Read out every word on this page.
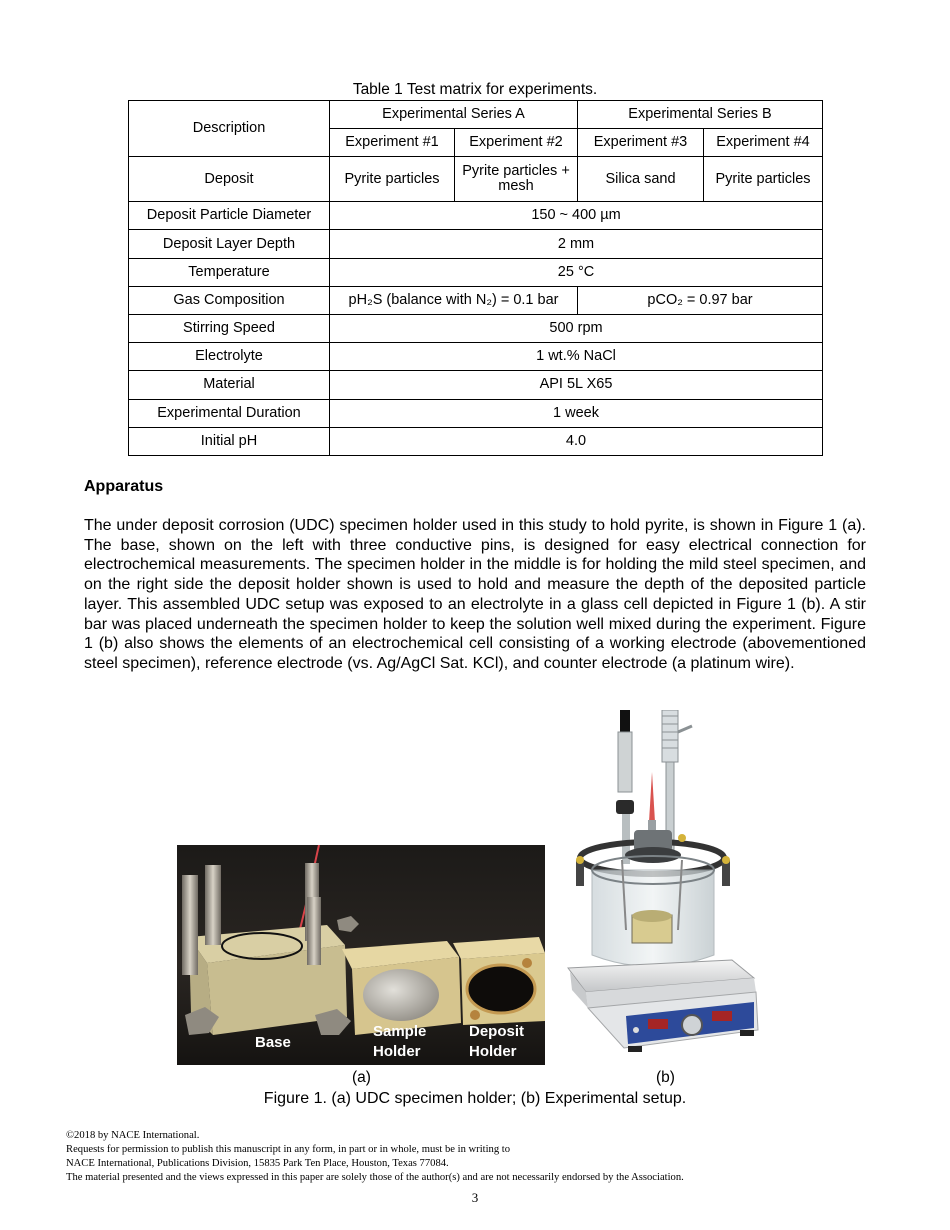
Table 1 Test matrix for experiments.
Description	Experimental Series A		Experimental Series B	
	Experiment #1	Experiment #2	Experiment #3	Experiment #4
Deposit	Pyrite particles	Pyrite particles + mesh	Silica sand	Pyrite particles
Deposit Particle Diameter	150 ~ 400 µm			
Deposit Layer Depth	2 mm			
Temperature	25 °C			
Gas Composition	pH₂S (balance with N₂) = 0.1 bar		pCO₂ = 0.97 bar	
Stirring Speed	500 rpm			
Electrolyte	1 wt.% NaCl			
Material	API 5L X65			
Experimental Duration	1 week			
Initial pH	4.0			
Apparatus
The under deposit corrosion (UDC) specimen holder used in this study to hold pyrite, is shown in Figure 1 (a). The base, shown on the left with three conductive pins, is designed for easy electrical connection for electrochemical measurements. The specimen holder in the middle is for holding the mild steel specimen, and on the right side the deposit holder shown is used to hold and measure the depth of the deposited particle layer. This assembled UDC setup was exposed to an electrolyte in a glass cell depicted in Figure 1 (b). A stir bar was placed underneath the specimen holder to keep the solution well mixed during the experiment. Figure 1 (b) also shows the elements of an electrochemical cell consisting of a working electrode (abovementioned steel specimen), reference electrode (vs. Ag/AgCl Sat. KCl), and counter electrode (a platinum wire).
Base
Sample
Holder
Deposit
Holder
(a)	(b)
Figure 1. (a) UDC specimen holder; (b) Experimental setup.
©2018 by NACE International.
Requests for permission to publish this manuscript in any form, in part or in whole, must be in writing to
NACE International, Publications Division, 15835 Park Ten Place, Houston, Texas 77084.
The material presented and the views expressed in this paper are solely those of the author(s) and are not necessarily endorsed by the Association.
3
